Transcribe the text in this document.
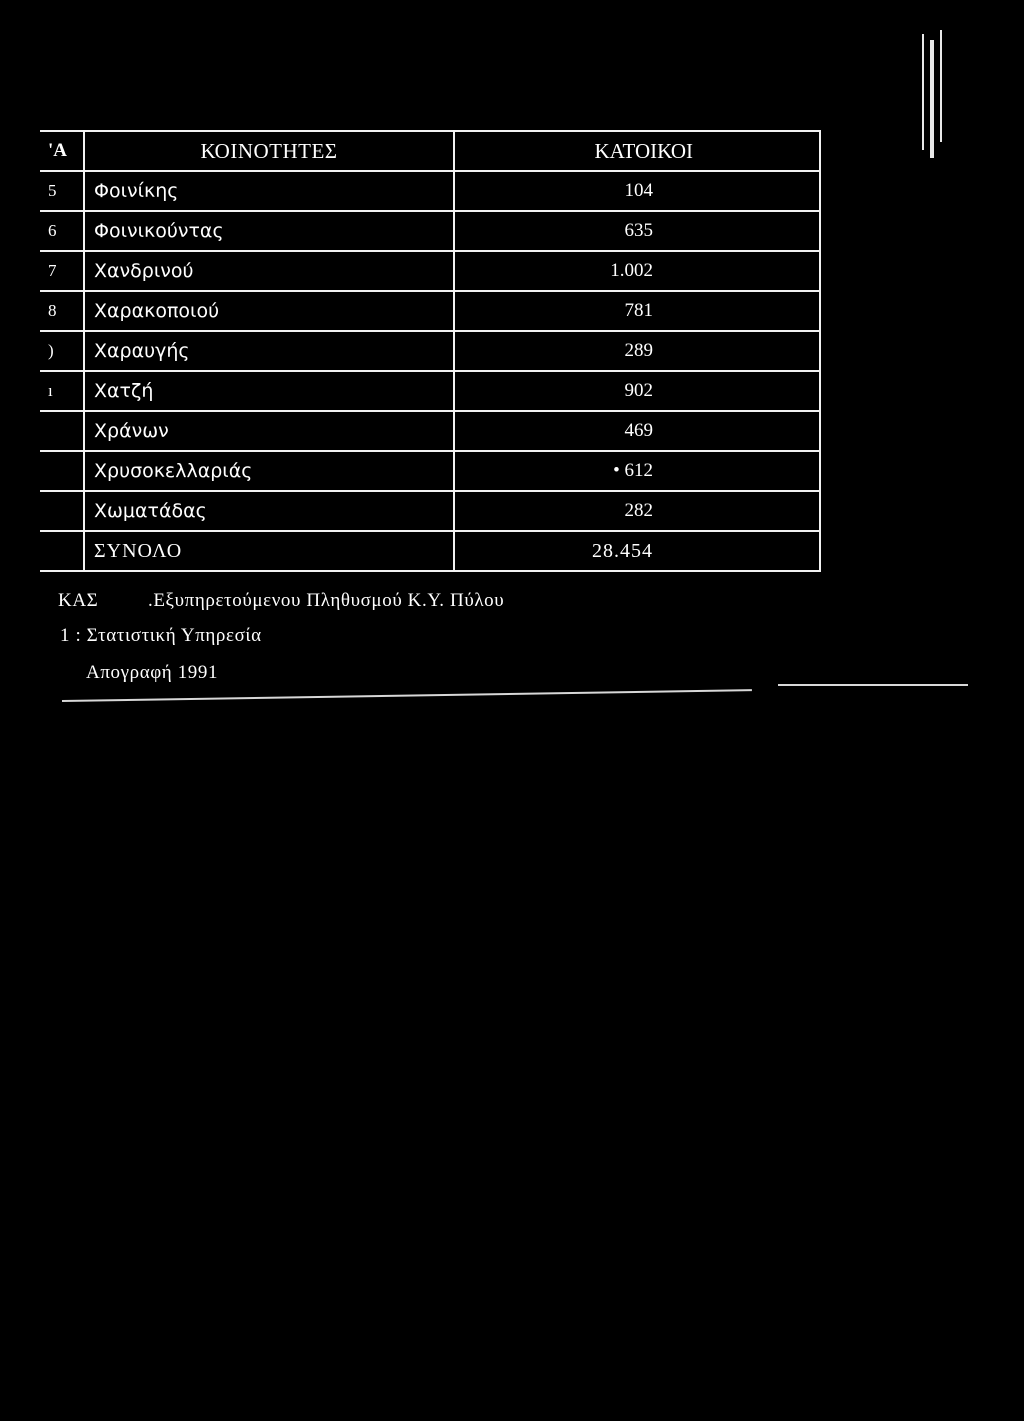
'Α	ΚΟΙΝΟΤΗΤΕΣ	ΚΑΤΟΙΚΟΙ
5	Φοινίκης	104
6	Φοινικούντας	635
7	Χανδρινού	1.002
8	Χαρακοποιού	781
)	Χαραυγής	289
ı	Χατζή	902
	Χράνων	469
	Χρυσοκελλαριάς	• 612
	Χωματάδας	282
	ΣΥΝΟΛΟ	28.454
ΚΑΣ	.Εξυπηρετούμενου Πληθυσμού Κ.Υ. Πύλου
1 : Στατιστική Υπηρεσία
Απογραφή 1991
